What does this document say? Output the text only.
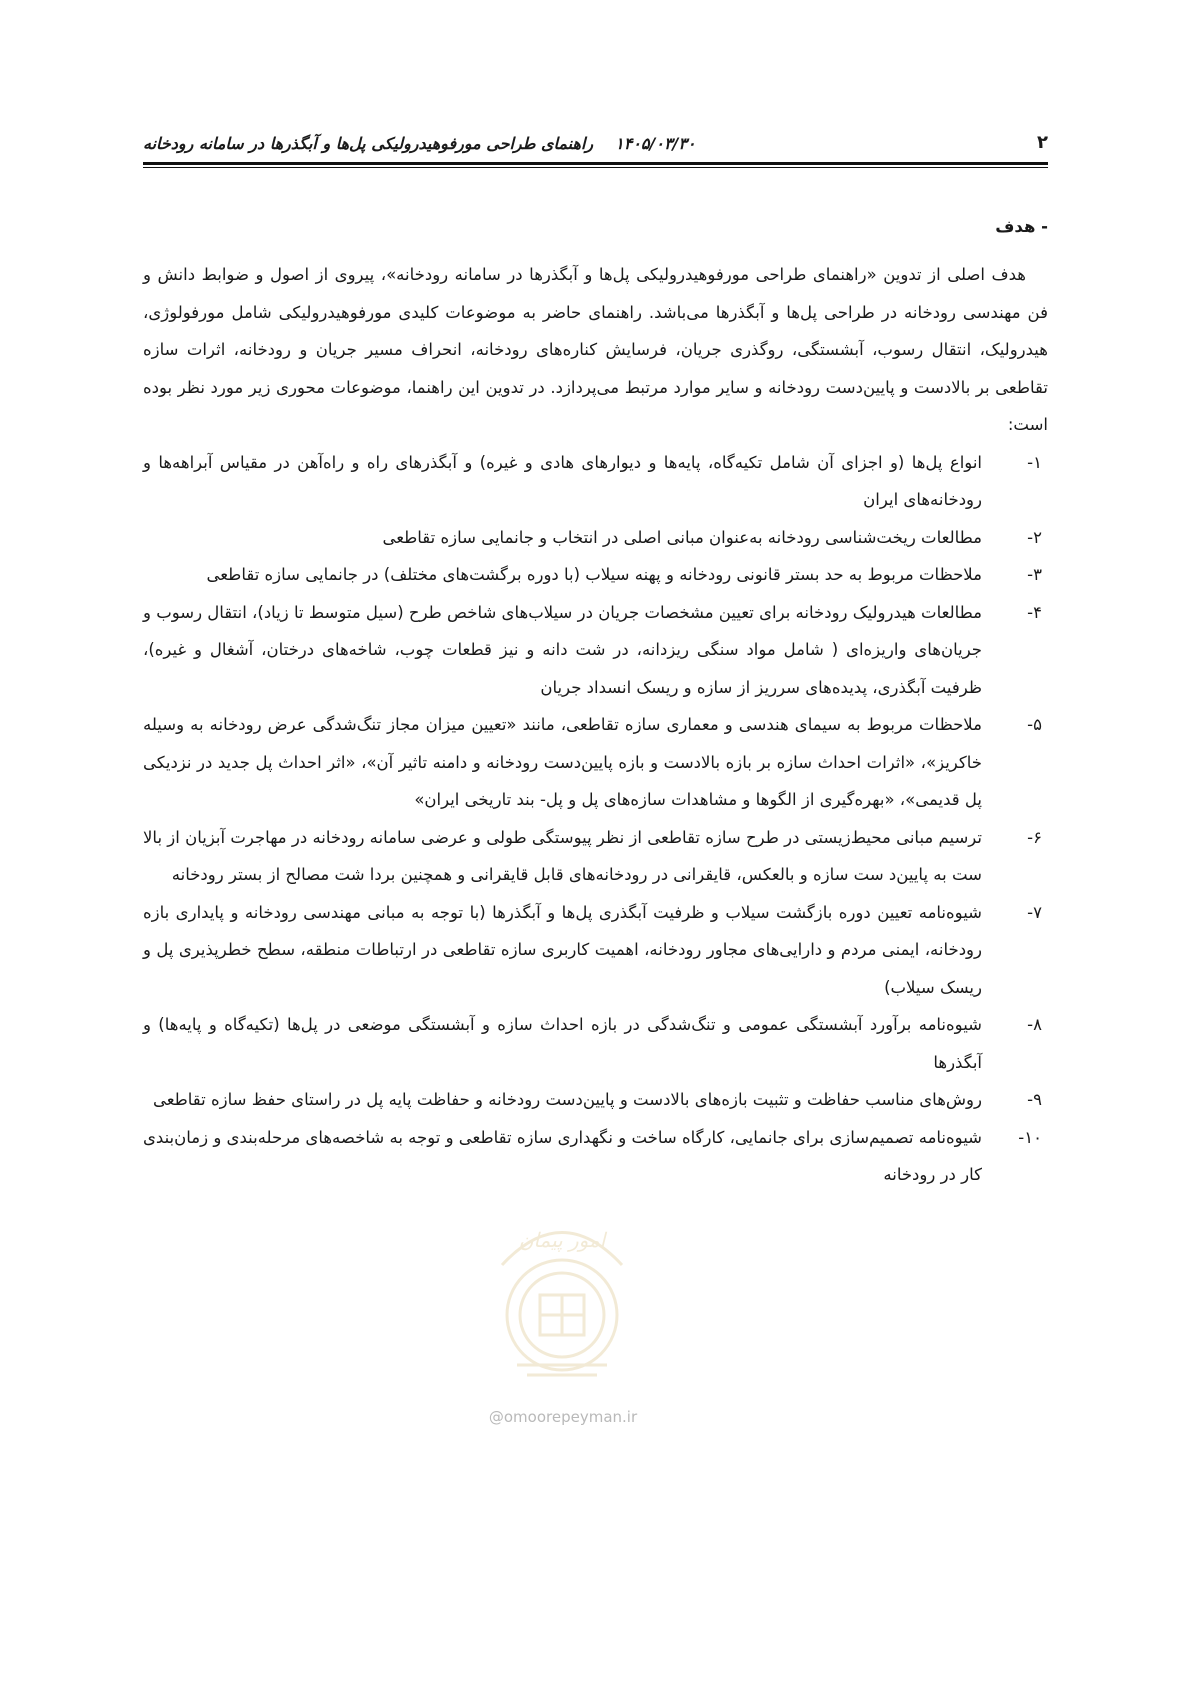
۲
۱۴۰۵/۰۳/۳۰راهنمای طراحی مورفوهیدرولیکی پل‌ها و آبگذرها در سامانه رودخانه
- هدف

هدف اصلی از تدوین «راهنمای طراحی مورفوهیدرولیکی پل‌ها و آبگذرها در سامانه رودخانه»، پیروی از اصول و ضوابط دانش و فن مهندسی رودخانه در طراحی پل‌ها و آبگذرها می‌باشد. راهنمای حاضر به موضوعات کلیدی مورفوهیدرولیکی شامل مورفولوژی، هیدرولیک، انتقال رسوب، آبشستگی، روگذری جریان، فرسایش کناره‌های رودخانه، انحراف مسیر جریان و رودخانه، اثرات سازه تقاطعی بر بالادست و پایین‌دست رودخانه و سایر موارد مرتبط می‌پردازد. در تدوین این راهنما، موضوعات محوری زیر مورد نظر بوده است:

۱-
انواع پل‌ها (و اجزای آن شامل تکیه‌گاه، پایه‌ها و دیوارهای هادی و غیره) و آبگذرهای راه و راه‌آهن در مقیاس آبراهه‌ها و رودخانه‌های ایران
۲-
مطالعات ریخت‌شناسی رودخانه به‌عنوان مبانی اصلی در انتخاب و جانمایی سازه تقاطعی
۳-
ملاحظات مربوط به حد بستر قانونی رودخانه و پهنه سیلاب (با دوره برگشت‌های مختلف) در جانمایی سازه تقاطعی
۴-
مطالعات هیدرولیک رودخانه برای تعیین مشخصات جریان در سیلاب‌های شاخص طرح (سیل متوسط تا زیاد)، انتقال رسوب و جریان‌های واریزه‌ای ( شامل مواد سنگی ریزدانه، در شت دانه و نیز قطعات چوب، شاخه‌های درختان، آشغال و غیره)، ظرفیت آبگذری، پدیده‌های سرریز از سازه و ریسک انسداد جریان
۵-
ملاحظات مربوط به سیمای هندسی و معماری سازه تقاطعی، مانند «تعیین میزان مجاز تنگ‌شدگی عرض رودخانه به وسیله خاکریز»، «اثرات احداث سازه بر بازه بالادست و بازه پایین‌دست رودخانه و دامنه تاثیر آن»، «اثر احداث پل جدید در نزدیکی پل قدیمی»، «بهره‌گیری از الگوها و مشاهدات سازه‌های پل و پل- بند تاریخی ایران»
۶-
ترسیم مبانی محیط‌زیستی در طرح سازه تقاطعی از نظر پیوستگی طولی و عرضی سامانه رودخانه در مهاجرت آبزیان از بالا ست به پایین‌د ست سازه و بالعکس، قایقرانی در رودخانه‌های قابل قایقرانی و همچنین بردا شت مصالح از بستر رودخانه
۷-
شیوه‌نامه تعیین دوره بازگشت سیلاب و ظرفیت آبگذری پل‌ها و آبگذرها (با توجه به مبانی مهندسی رودخانه و پایداری بازه رودخانه، ایمنی مردم و دارایی‌های مجاور رودخانه، اهمیت کاربری سازه تقاطعی در ارتباطات منطقه، سطح خطرپذیری پل و ریسک سیلاب)
۸-
شیوه‌نامه برآورد آبشستگی عمومی و تنگ‌شدگی در بازه احداث سازه و آبشستگی موضعی در پل‌ها (تکیه‌گاه و پایه‌ها) و آبگذرها
۹-
روش‌های مناسب حفاظت و تثبیت بازه‌های بالادست و پایین‌دست رودخانه و حفاظت پایه پل در راستای حفظ سازه تقاطعی
۱۰-
شیوه‌نامه تصمیم‌سازی برای جانمایی، کارگاه ساخت و نگهداری سازه تقاطعی و توجه به شاخصه‌های مرحله‌بندی و زمان‌بندی کار در رودخانه
امور پیمان
@omoorepeyman.ir
